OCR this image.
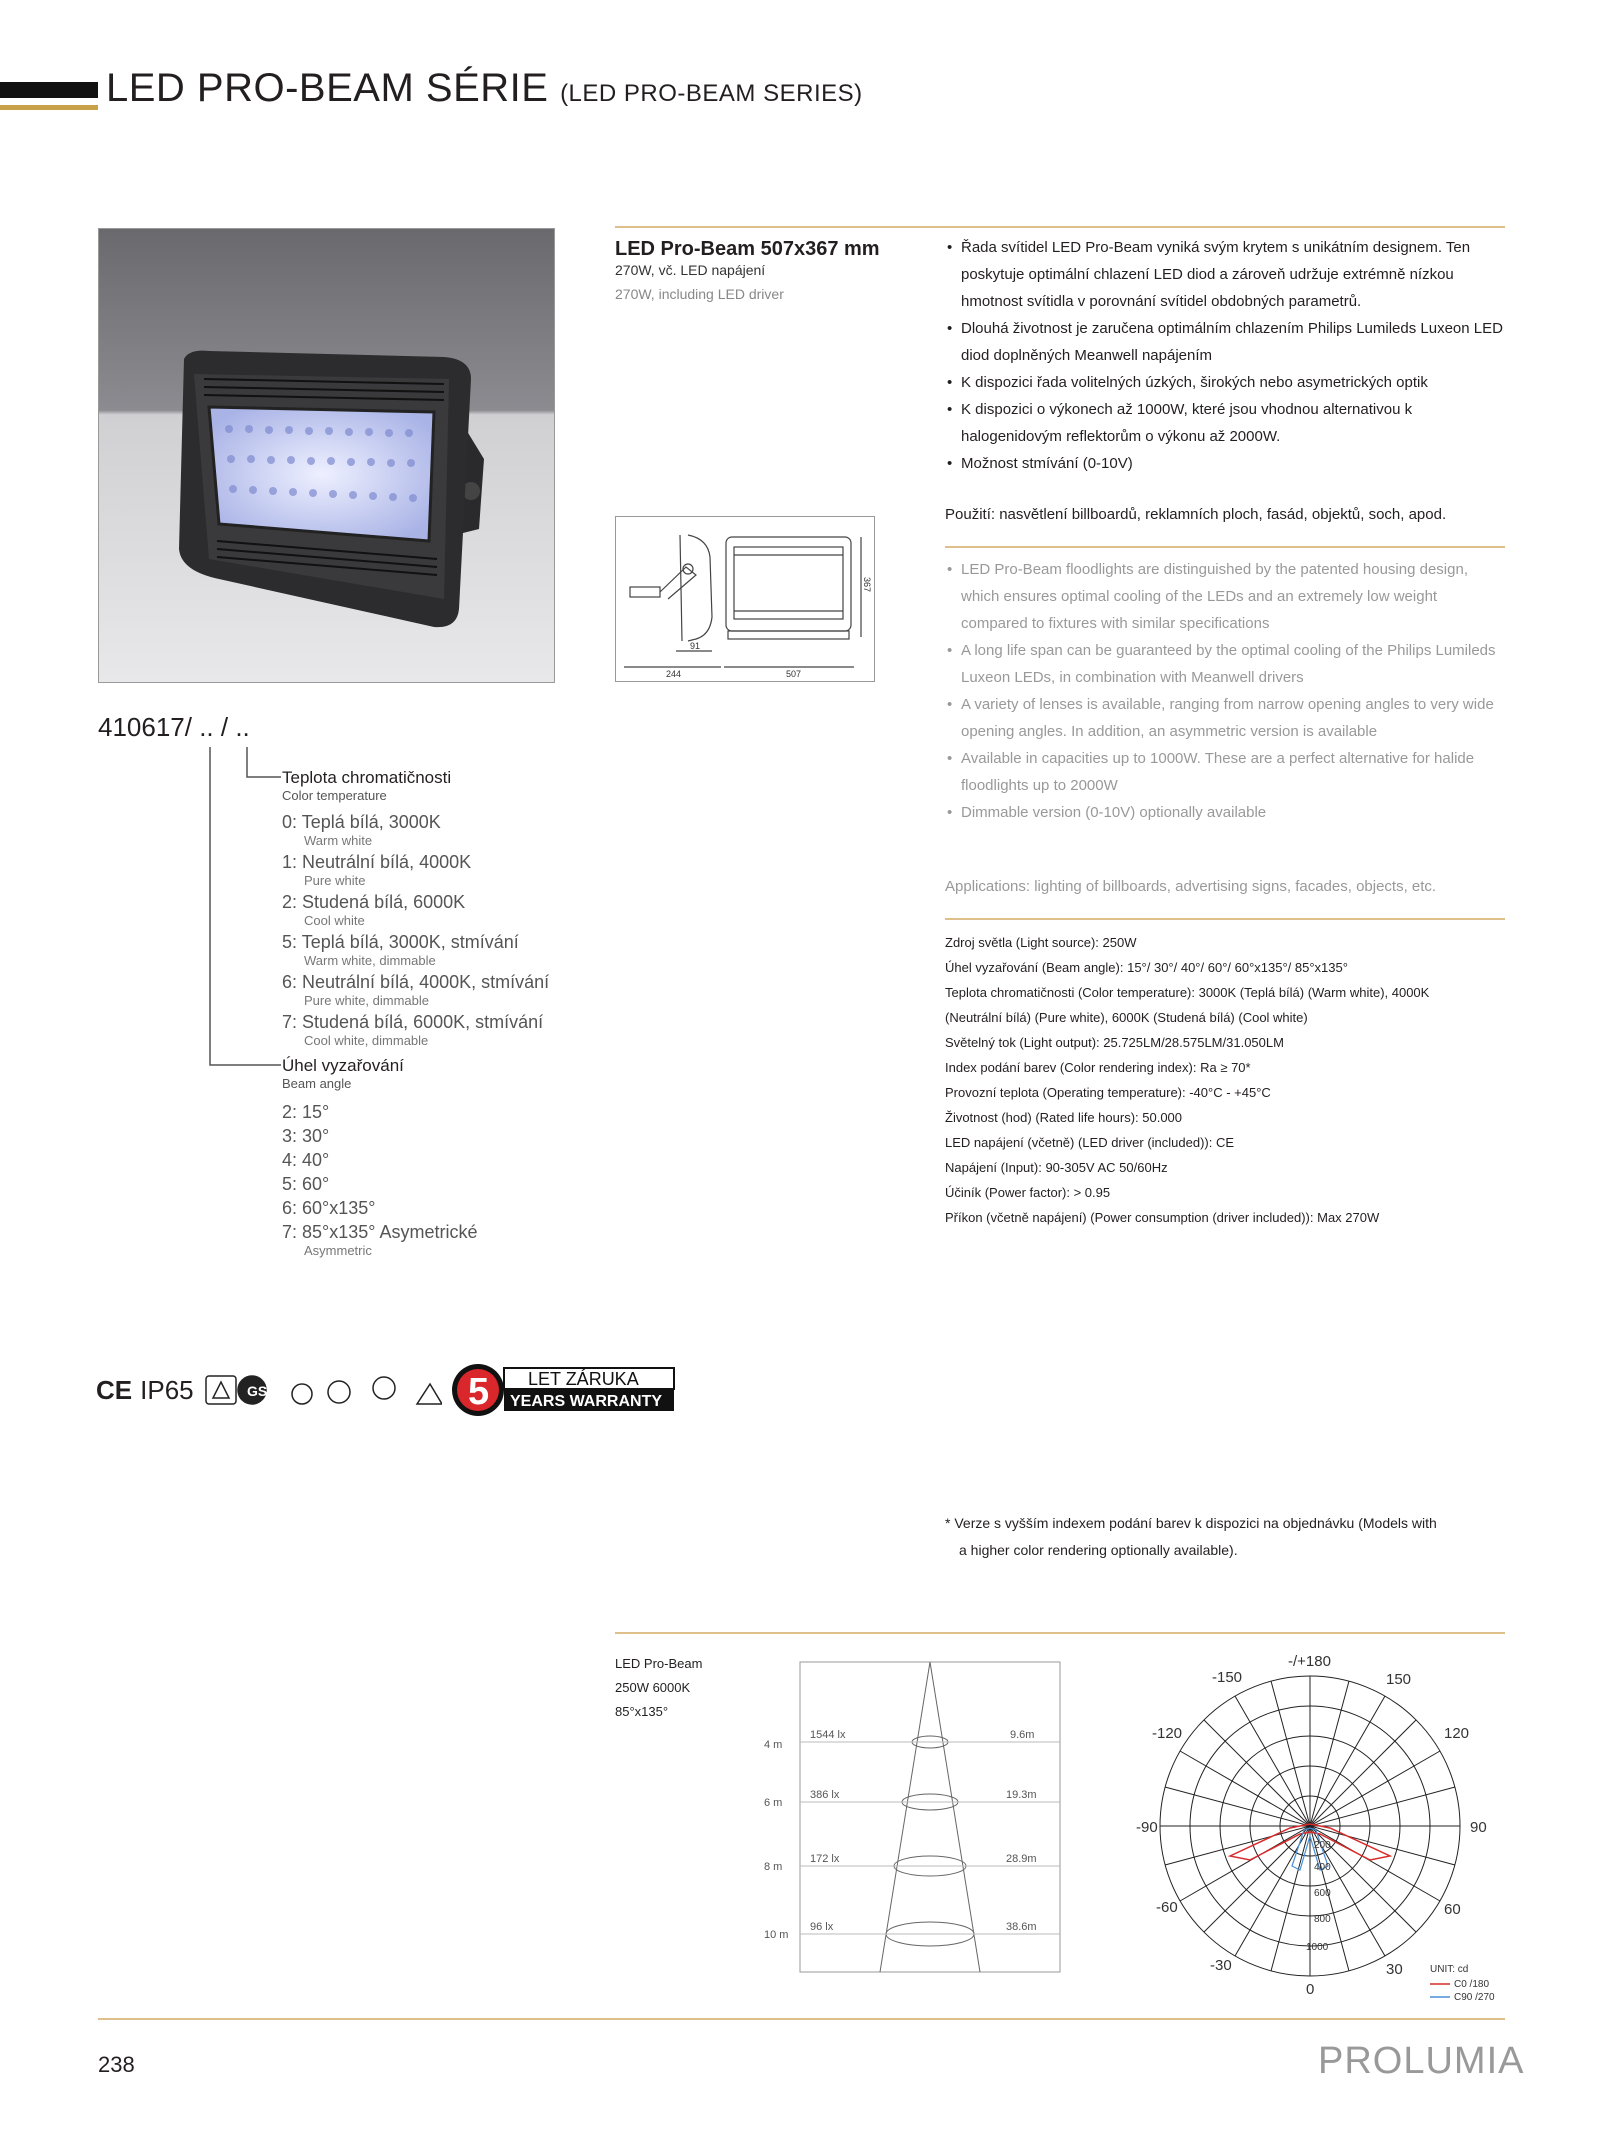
LED PRO-BEAM SÉRIE (LED PRO-BEAM SERIES)
LED Pro-Beam 507x367 mm
270W, vč. LED napájení
270W, including LED driver
244	507
91
367
• Řada svítidel LED Pro-Beam vyniká svým krytem s unikátním designem. Ten poskytuje optimální chlazení LED diod a zároveň udržuje extrémně nízkou hmotnost svítidla v porovnání svítidel obdobných parametrů.
• Dlouhá životnost je zaručena optimálním chlazením Philips Lumileds Luxeon LED diod doplněných Meanwell napájením
• K dispozici řada volitelných úzkých, širokých nebo asymetrických optik
• K dispozici o výkonech až 1000W, které jsou vhodnou alternativou k halogenidovým reflektorům o výkonu až 2000W.
• Možnost stmívání (0-10V)
Použití: nasvětlení billboardů, reklamních ploch, fasád, objektů, soch, apod.
• LED Pro-Beam floodlights are distinguished by the patented housing design, which ensures optimal cooling of the LEDs and an extremely low weight compared to fixtures with similar specifications
• A long life span can be guaranteed by the optimal cooling of the Philips Lumileds Luxeon LEDs, in combination with Meanwell drivers
• A variety of lenses is available, ranging from narrow opening angles to very wide opening angles. In addition, an asymmetric version is available
• Available in capacities up to 1000W. These are a perfect alternative for halide floodlights up to 2000W
• Dimmable version (0-10V) optionally available
Applications: lighting of billboards, advertising signs, facades, objects, etc.
Zdroj světla (Light source): 250W
Úhel vyzařování (Beam angle): 15°/ 30°/ 40°/ 60°/ 60°x135°/ 85°x135°
Teplota chromatičnosti (Color temperature): 3000K (Teplá bílá) (Warm white), 4000K
(Neutrální bílá) (Pure white), 6000K (Studená bílá) (Cool white)
Světelný tok (Light output): 25.725LM/28.575LM/31.050LM
Index podání barev (Color rendering index): Ra ≥ 70*
Provozní teplota (Operating temperature): -40°C - +45°C
Životnost (hod) (Rated life hours): 50.000
LED napájení (včetně) (LED driver (included)): CE
Napájení (Input): 90-305V AC 50/60Hz
Účiník (Power factor): > 0.95
Příkon (včetně napájení) (Power consumption (driver included)): Max 270W
410617/ .. / ..
Teplota chromatičnosti
Color temperature
0: Teplá bílá, 3000K
Warm white
1: Neutrální bílá, 4000K
Pure white
2: Studená bílá, 6000K
Cool white
5: Teplá bílá, 3000K, stmívání
Warm white, dimmable
6: Neutrální bílá, 4000K, stmívání
Pure white, dimmable
7: Studená bílá, 6000K, stmívání
Cool white, dimmable
Úhel vyzařování
Beam angle
2: 15°
3: 30°
4: 40°
5: 60°
6: 60°x135°
7: 85°x135° Asymetrické
Asymmetric
CE IP65	GS	5 LET ZÁRUKA
YEARS WARRANTY
* Verze s vyšším indexem podání barev k dispozici na objednávku (Models with
a higher color rendering optionally available).
LED Pro-Beam
250W 6000K
85°x135°
4 m
6 m
8 m
10 m
1544 lx
386 lx
172 lx
96 lx
9.6m
19.3m
28.9m
38.6m
-/+180
-150	150
-120	120
-90	90
-60	60
-30	30
0
200
400
600
800
1000
UNIT: cd
C0 /180
C90 /270
238	PROLUMIA
